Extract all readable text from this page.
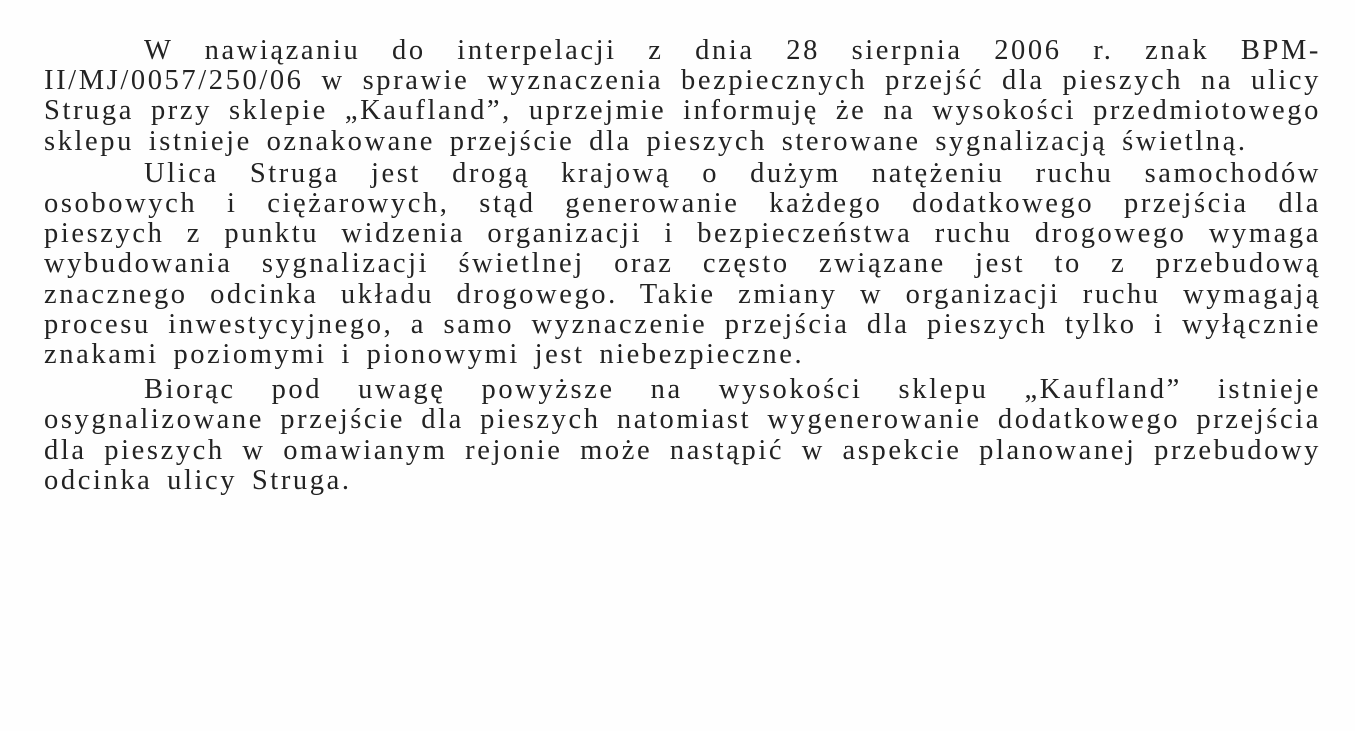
W nawiązaniu do interpelacji z dnia 28 sierpnia 2006 r. znak BPM-II/MJ/0057/250/06 w sprawie wyznaczenia bezpiecznych przejść dla pieszych na ulicy Struga przy sklepie „Kaufland”, uprzejmie informuję że na wysokości przedmiotowego sklepu istnieje oznakowane przejście dla pieszych sterowane sygnalizacją świetlną.

Ulica Struga jest drogą krajową o dużym natężeniu ruchu samochodów osobowych i ciężarowych, stąd generowanie każdego dodatkowego przejścia dla pieszych z punktu widzenia organizacji i bezpieczeństwa ruchu drogowego wymaga wybudowania sygnalizacji świetlnej oraz często związane jest to z przebudową znacznego odcinka układu drogowego. Takie zmiany w organizacji ruchu wymagają procesu inwestycyjnego, a samo wyznaczenie przejścia dla pieszych tylko i wyłącznie znakami poziomymi i pionowymi jest niebezpieczne.

Biorąc pod uwagę powyższe na wysokości sklepu „Kaufland” istnieje osygnalizowane przejście dla pieszych natomiast wygenerowanie dodatkowego przejścia dla pieszych w omawianym rejonie może nastąpić w aspekcie planowanej przebudowy odcinka ulicy Struga.
